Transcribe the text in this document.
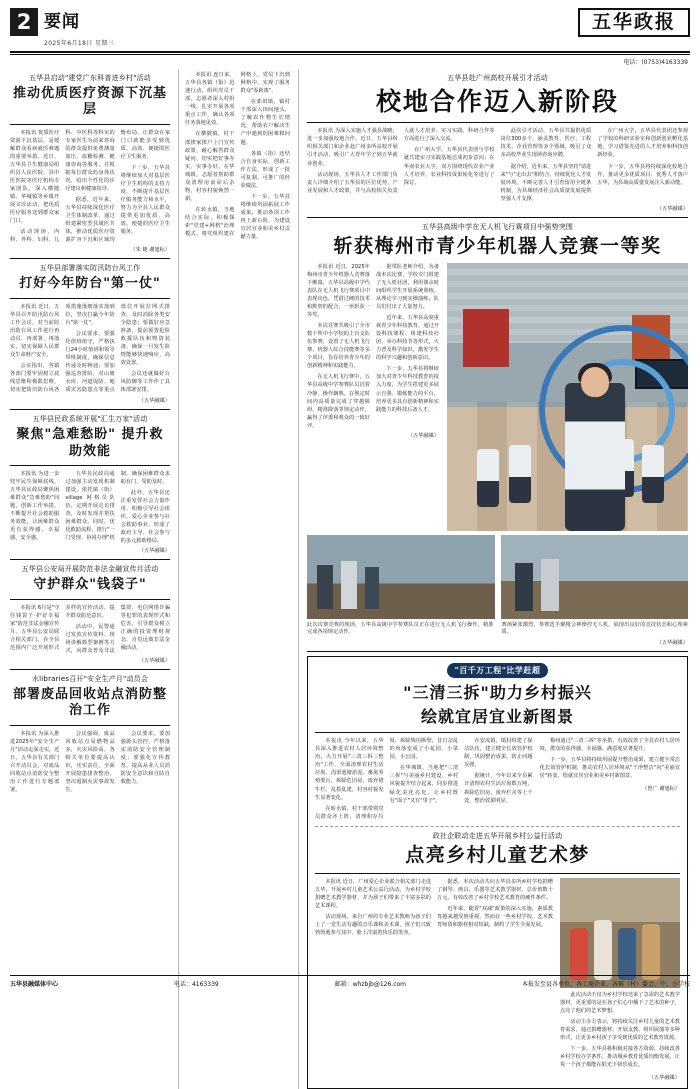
2 要闻
2025年6月18日 星期三
五华政报
电话：(0753)4163339
五华县启动"建党广东科普进乡村"活动
推动优质医疗资源下沉基层

本报讯 优质医疗资源下沉基层，是缓解群众看病就医难题的重要举措。近日，五华县卫生健康局组织县人民医院、县中医医院等医疗机构专家团队，深入横陂镇、华城镇等乡镇开展义诊活动，把优质医疗服务送到群众家门口。

活动现场，内科、外科、妇科、儿科、中医科等科室的专家医生为前来咨询的群众提供免费测量血压、血糖检测、健康咨询等服务，并根据每位群众的身体状况，给出个性化的诊疗建议和健康指导。

据悉，近年来，五华县持续深化医疗卫生体制改革，通过组建紧密型县域医共体，推动优质医疗资源扩容下沉和区域均衡布局，让群众在家门口就能享受到优质、高效、便捷的医疗卫生服务。

下一步，五华县将继续加大对基层医疗卫生机构的支持力度，不断提升基层医疗服务能力和水平，努力为全县人民群众提供更加优质、高效、便捷的医疗卫生服务。

（朱 婕 谢旭标）
五华县部署落实防汛防台风工作
打好今年防台"第一仗"

本报讯 近日，五华县召开防汛防台风工作会议，对当前防汛防台风工作进行再动员、再部署、再落实，切实保障人民群众生命财产安全。

会议指出，各镇各部门要牢固树立底线思维和极限思维，切实把防汛防台风各项措施落细落实落到位，坚决打赢今年防台"第一仗"。

会议要求，要强化值班值守，严格执行24小时值班和领导带班制度，确保信息传递及时畅通；要加强巡查排险，对山塘水库、河道堤防、地质灾害隐患点等重点部位开展拉网式排查，及时消除各类安全隐患；要做好应急准备，提前预置抢险救援队伍和物资装备，确保一旦发生险情能够快速响应、高效处置。

会议还就做好台风防御等工作作了具体部署安排。

（五华融媒）
五华县民政系统开展"汇生万家"活动
聚焦"急难愁盼" 提升救助效能

本报讯 为进一步兜牢民生保障底线，五华县民政局聚焦困难群众"急难愁盼"问题，创新工作举措，不断提升社会救助服务效能，让困难群众更有获得感、幸福感、安全感。

五华县民政局通过加强主动发现机制建设，依托镇（街）village 网格员队伍，定期开展走访排查，及时发现并帮扶困难群众。同时，优化救助流程，推行"一门受理、协同办理"机制，确保困难群众求助有门、受助及时。

此外，五华县还注重发挥社会力量作用，积极引导社会组织、爱心企业参与社会救助事业，形成了政府主导、社会参与的多元救助格局。

（五华融媒）
五华县公安局开展防范非法金融宣传月活动
守护群众"钱袋子"

本报讯 6月是"守住钱袋子·护好幸福家"防范非法金融宣传月。五华县公安局联合相关部门，在全县范围内广泛开展形式多样的宣传活动，提升群众防范意识。

活动中，民警通过发放宣传资料、现场讲解典型案例等方式，向群众普及非法集资、电信网络诈骗等犯罪的表现形式和危害，引导群众树立正确的投资理财观念，自觉远离非法金融活动。

（五华融媒）
水libraries召开"安全生产月"动员会
部署废品回收站点消防整治工作

本报讯 为深入推进2025年"安全生产月"活动走深走实，近日，五华县有关部门召开动员会，对废品回收站点消防安全整治工作进行专题部署。

会议强调，废品回收站点易燃物品多，火灾风险高，各相关单位要提高认识，压实责任，全面开展隐患排查整治，坚决遏制火灾事故发生。

会议要求，要加强源头管控，严格落实消防安全管理制度；要强化宣传教育，提高从业人员消防安全意识和自防自救能力。

本报讯 连日来，五华县各镇（街）迅速行动，组织党员干部、志愿者深入村组一线，扎实开展各项重点工作，确认各项任务落地见效。

在横陂镇，村干部挨家挨户上门宣传政策，耐心解答群众疑问，切实把好事办实、实事办好。在华城镇，志愿者帮助群众清理房前屋后杂物，村容村貌焕然一新。

在转水镇，当地结合实际，积极探索"党建+网格"治理模式，将党组织建在网格上，党员下沉到网格中，实现了服务群众"零距离"。

在郭田镇，镇村干部深入田间地头，了解农作物生长情况，帮助农户解决生产中遇到的困难和问题。

各镇（街）还结合自身实际，创新工作方法，形成了一批可复制、可推广的经验做法。

下一步，五华县将继续巩固拓展工作成果，推动各项工作再上新台阶，为建设宜居宜业和美乡村贡献力量。

五华县赴广州高校开展引才活动
校地合作迈入新阶段

本报讯 为深入实施人才强县战略，进一步加强校地合作，近日，五华县组织相关部门和企业赴广州多所高校开展引才活动，吸引广大青年学子到五华就业创业。

活动现场，五华县人才工作部门负责人详细介绍了五华县的区位优势、产业发展和人才政策，并与高校相关负责人就人才培养、实习实践、科研合作等方面进行了深入交流。

在广州大学，五华县代表团与学校就共建实习实践基地达成初步意向；在华南农业大学，双方围绕现代农业产业人才培养、农业科技成果转化等进行了探讨。

此次引才活动，五华县共提供优质岗位300多个，涵盖教育、医疗、工程技术、企业管理等多个领域，吸引了众多高校毕业生现场咨询应聘。

据介绍，近年来，五华县坚持"请进来"与"走出去"相结合，持续优化人才发展环境，不断完善人才引育留用全链条机制，为县域经济社会高质量发展提供坚强人才支撑。

在广州大学，五华县代表团还参观了学校的科研实验室和创新创业孵化基地，学习借鉴先进的人才培养和科技创新经验。

下一步，五华县将持续深化校地合作，推动更多优质项目、优秀人才落户五华，为县域高质量发展注入新动能。

（五华融媒）
五华县高级中学在无人机飞行赛项目中强势突围
斩获梅州市青少年机器人竞赛一等奖

本报讯 近日，2025年梅州市青少年机器人竞赛落下帷幕，五华县高级中学代表队在无人机飞行赛项目中表现出色，凭借过硬的技术和默契的配合，一举斩获一等奖。

本次竞赛共吸引了全市数十所中小学校的上百支队伍参赛，设置了无人机飞行赛、机器人综合技能赛等多个项目，旨在培养青少年的创新精神和实践能力。

在无人机飞行赛中，五华县高级中学参赛队员沉着冷静、操作娴熟，在规定时间内高质量完成了穿越障碍、精准降落等规定动作，赢得了评委和观众的一致好评。

据带队老师介绍，为备战本次比赛，学校专门组建了无人机社团，利用课余时间组织学生开展系统训练，从理论学习到实操演练，队员们付出了大量努力。

近年来，五华县高度重视青少年科技教育，通过开设科技课程、组建科技社团、举办科技节等形式，大力普及科学知识，激发学生的科学兴趣和创新意识。

下一步，五华县将继续加大对青少年科技教育的投入力度，为学生搭建更多展示自我、锻炼能力的平台，培养更多具有创新精神和实践能力的科技后备人才。

（五华融媒）
此次次赛竞赛的现场，五华县高级中学参赛队员正在进行无人机飞行操作，精准完成各项规定动作。
赛场紧张激烈，参赛选手聚精会神操控无人机，展现出良好的竞技状态和心理素质。
（五华融媒）
"百千万工程"比学赶超
"三清三拆"助力乡村振兴
绘就宜居宜业新图景

本报讯 今年以来，五华县深入推进农村人居环境整治，大力开展"三清三拆三整治"工作，全面清理农村生活垃圾、沟渠池塘淤泥、畜禽养殖粪污，拆除危旧房、废弃猪牛栏、乱搭乱建，村容村貌发生显著变化。

在转水镇，村干部带领党员群众齐上阵，清理积存垃圾、拆除残垣断壁，昔日杂乱的角落变成了小花园、小菜园、小公园。

在华城镇，当地把"三清三拆"与美丽乡村建设、乡村风貌提升结合起来，同步推进绿化美化亮化，让乡村既有"面子"又有"里子"。

在安流镇，镇村组建了保洁队伍，建立健全长效管护机制，巩固整治成果，防止问题反弹。

据统计，今年以来全县累计清理农村生活垃圾数万吨，拆除危旧房、废弃栏舍等上千处，整治效果明显。

梅州通过"三清三拆"等举措，有效改善了全县农村人居环境，群众的获得感、幸福感、满意度显著提升。

下一步，五华县将持续巩固提升整治成果，建立健全常态化长效管护机制，推动农村人居环境从"干净整洁"向"美丽宜居"转变，绘就宜居宜业和美乡村新图景。

（曾广 谢旭标）
政社企联动走进五华开展乡村公益行活动
点亮乡村儿童艺术梦

本报讯 近日，广州爱心企业联合相关部门走进五华，开展乡村儿童艺术公益行活动，为乡村学校捐赠艺术教学器材，并为孩子们带来了丰富多彩的艺术课程。

活动现场，来自广州的专业艺术教师为孩子们上了一堂生动有趣的音乐课和美术课，孩子们兴致勃勃地参与其中，脸上洋溢着快乐的笑容。

据悉，本次活动共向五华县多所乡村学校捐赠了钢琴、画具、乐器等艺术教学器材，总价值数十万元，有效改善了乡村学校艺术教育的硬件条件。

近年来，随着"双减"政策的深入实施，素质教育越来越受到重视。然而在一些乡村学校，艺术教育师资和器材相对短缺，制约了学生全面发展。

此次活动不仅为乡村学校送来了急需的艺术教学器材，更重要的是在孩子们心中播下了艺术的种子，点亮了他们的艺术梦想。

活动主办方表示，将持续关注乡村儿童的艺术教育需求，通过捐赠器材、开展支教、组织展演等多种形式，让更多乡村孩子享受到优质的艺术教育资源。

下一步，五华县将积极对接各方资源，持续改善乡村学校办学条件，推动城乡教育优质均衡发展，让每一个孩子都能在阳光下快乐成长。

（五华融媒）
五华县融媒体中心	电话：4163339	邮箱：whzbjb@126.com	本报发至县各单位、各工商企业、各镇（村）委会、中、小学校
